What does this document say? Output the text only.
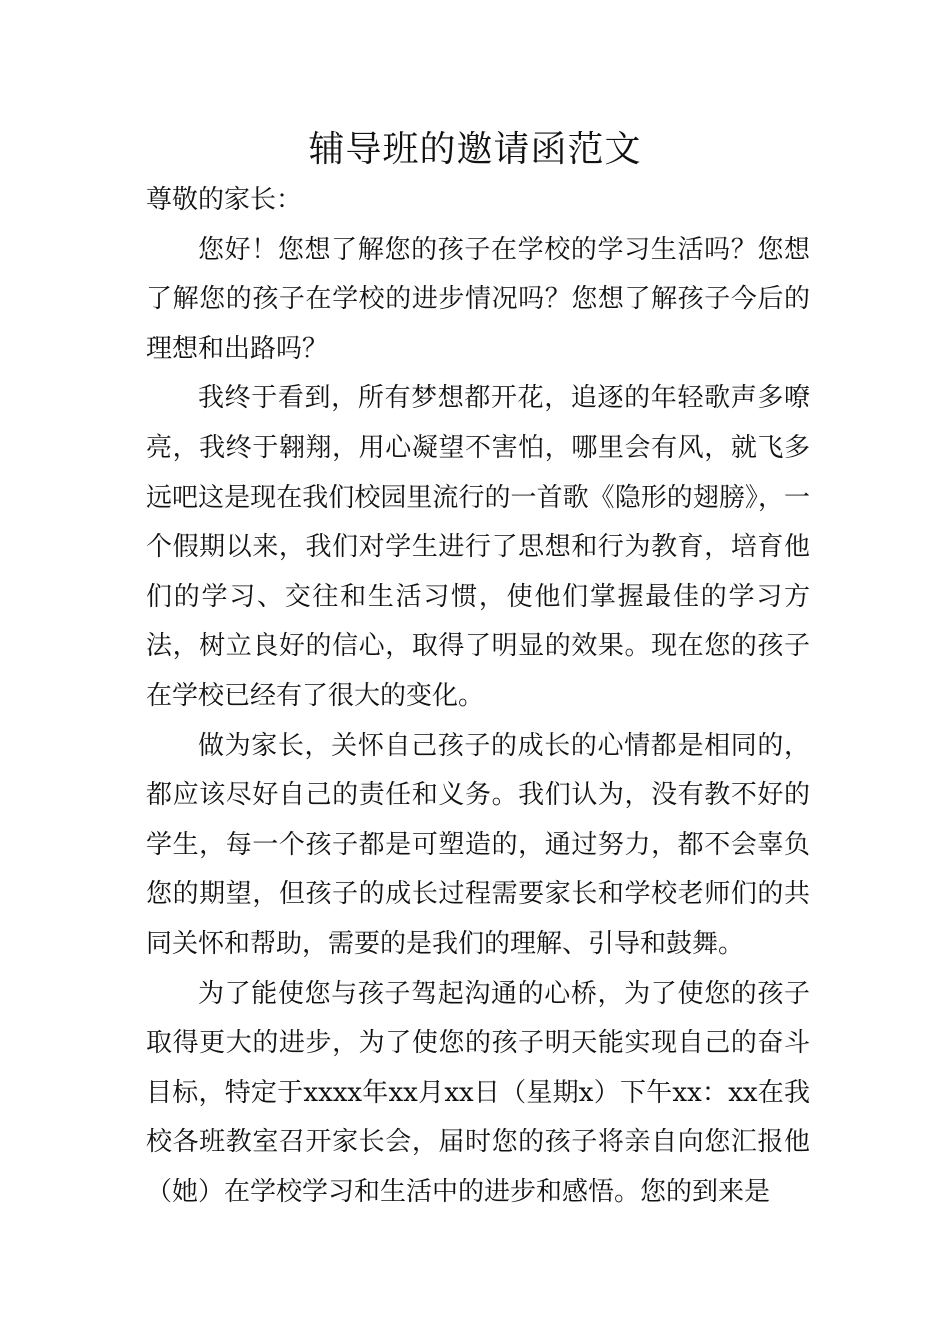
辅导班的邀请函范文

尊敬的家长：

您好！您想了解您的孩子在学校的学习生活吗？您想了解您的孩子在学校的进步情况吗？您想了解孩子今后的理想和出路吗？

我终于看到，所有梦想都开花，追逐的年轻歌声多嘹亮，我终于翱翔，用心凝望不害怕，哪里会有风，就飞多远吧这是现在我们校园里流行的一首歌《隐形的翅膀》，一个假期以来，我们对学生进行了思想和行为教育，培育他们的学习、交往和生活习惯，使他们掌握最佳的学习方法，树立良好的信心，取得了明显的效果。现在您的孩子在学校已经有了很大的变化。

做为家长，关怀自己孩子的成长的心情都是相同的，都应该尽好自己的责任和义务。我们认为，没有教不好的学生，每一个孩子都是可塑造的，通过努力，都不会辜负您的期望，但孩子的成长过程需要家长和学校老师们的共同关怀和帮助，需要的是我们的理解、引导和鼓舞。

为了能使您与孩子驾起沟通的心桥，为了使您的孩子取得更大的进步，为了使您的孩子明天能实现自己的奋斗目标，特定于xxxx年xx月xx日（星期x）下午xx：xx在我校各班教室召开家长会，届时您的孩子将亲自向您汇报他（她）在学校学习和生活中的进步和感悟。您的到来是
